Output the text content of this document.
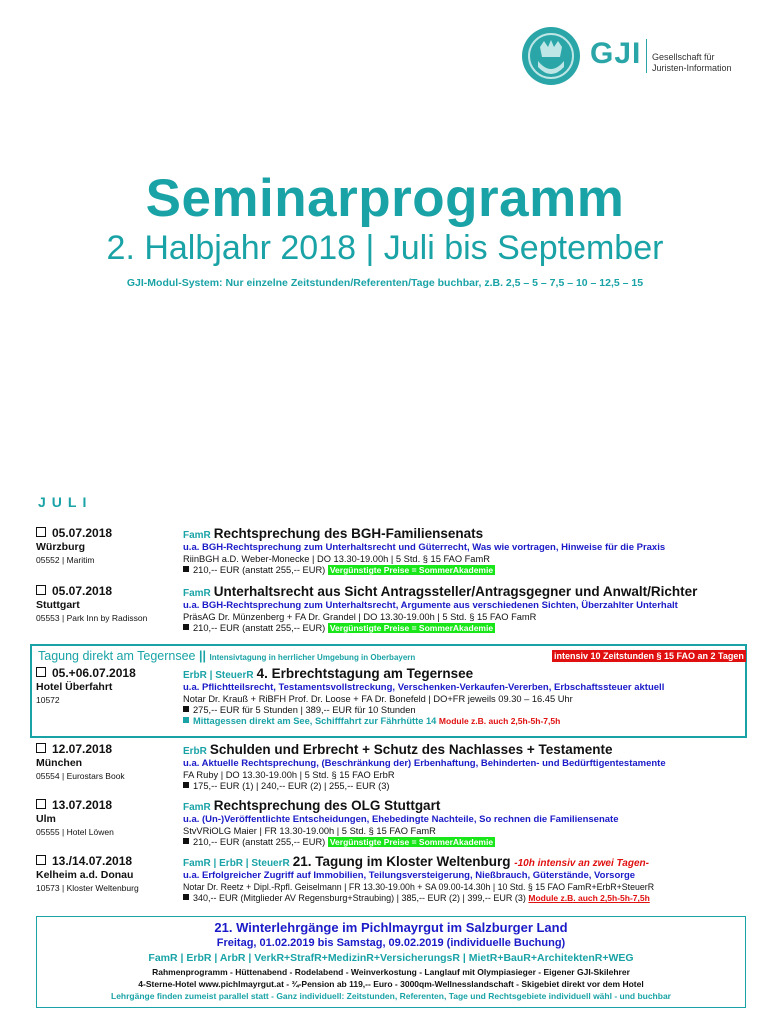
GJI Gesellschaft für
Juristen-Information
Seminarprogramm
2. Halbjahr 2018 | Juli bis September
GJI-Modul-System: Nur einzelne Zeitstunden/Referenten/Tage buchbar, z.B. 2,5 – 5 – 7,5 – 10 – 12,5 – 15
JULI
05.07.2018
Würzburg
05552 | Maritim
FamR Rechtsprechung des BGH-Familiensenats
u.a. BGH-Rechtsprechung zum Unterhaltsrecht und Güterrecht, Was wie vortragen, Hinweise für die Praxis
RiinBGH a.D. Weber-Monecke | DO 13.30-19.00h | 5 Std. § 15 FAO FamR
210,-- EUR (anstatt 255,-- EUR) Vergünstigte Preise = SommerAkademie
05.07.2018
Stuttgart
05553 | Park Inn by Radisson
FamR Unterhaltsrecht aus Sicht Antragssteller/Antragsgegner und Anwalt/Richter
u.a. BGH-Rechtsprechung zum Unterhaltsrecht, Argumente aus verschiedenen Sichten, Überzahlter Unterhalt
PräsAG Dr. Münzenberg + FA Dr. Grandel | DO 13.30-19.00h | 5 Std. § 15 FAO FamR
210,-- EUR (anstatt 255,-- EUR) Vergünstigte Preise = SommerAkademie
Tagung direkt am Tegernsee || Intensivtagung in herrlicher Umgebung in Oberbayern	intensiv 10 Zeitstunden § 15 FAO an 2 Tagen
05.+06.07.2018
Hotel Überfahrt
10572
ErbR | SteuerR 4. Erbrechtstagung am Tegernsee
u.a. Pflichtteilsrecht, Testamentsvollstreckung, Verschenken-Verkaufen-Vererben, Erbschaftssteuer aktuell
Notar Dr. Krauß + RiBFH Prof. Dr. Loose + FA Dr. Bonefeld | DO+FR jeweils 09.30 – 16.45 Uhr
275,-- EUR für 5 Stunden | 389,-- EUR für 10 Stunden
Mittagessen direkt am See, Schifffahrt zur Fährhütte 14 Module z.B. auch 2,5h-5h-7,5h
12.07.2018
München
05554 | Eurostars Book
ErbR Schulden und Erbrecht + Schutz des Nachlasses + Testamente
u.a. Aktuelle Rechtsprechung, (Beschränkung der) Erbenhaftung, Behinderten- und Bedürftigentestamente
FA Ruby | DO 13.30-19.00h | 5 Std. § 15 FAO ErbR
175,-- EUR (1) | 240,-- EUR (2) | 255,-- EUR (3)
13.07.2018
Ulm
05555 | Hotel Löwen
FamR Rechtsprechung des OLG Stuttgart
u.a. (Un-)Veröffentlichte Entscheidungen, Ehebedingte Nachteile, So rechnen die Familiensenate
StvVRiOLG Maier | FR 13.30-19.00h | 5 Std. § 15 FAO FamR
210,-- EUR (anstatt 255,-- EUR) Vergünstigte Preise = SommerAkademie
13./14.07.2018
Kelheim a.d. Donau
10573 | Kloster Weltenburg
FamR | ErbR | SteuerR 21. Tagung im Kloster Weltenburg -10h intensiv an zwei Tagen-
u.a. Erfolgreicher Zugriff auf Immobilien, Teilungsversteigerung, Nießbrauch, Güterstände, Vorsorge
Notar Dr. Reetz + Dipl.-Rpfl. Geiselmann | FR 13.30-19.00h + SA 09.00-14.30h | 10 Std. § 15 FAO FamR+ErbR+SteuerR
340,-- EUR (Mitglieder AV Regensburg+Straubing) | 385,-- EUR (2) | 399,-- EUR (3) Module z.B. auch 2,5h-5h-7,5h
21. Winterlehrgänge im Pichlmayrgut im Salzburger Land
Freitag, 01.02.2019 bis Samstag, 09.02.2019 (individuelle Buchung)
FamR | ErbR | ArbR | VerkR+StrafR+MedizinR+VersicherungsR | MietR+BauR+ArchitektenR+WEG
Rahmenprogramm - Hüttenabend - Rodelabend - Weinverkostung - Langlauf mit Olympiasieger - Eigener GJI-Skilehrer
4-Sterne-Hotel www.pichlmayrgut.at - ¾-Pension ab 119,-- Euro - 3000qm-Wellnesslandschaft - Skigebiet direkt vor dem Hotel
Lehrgänge finden zumeist parallel statt - Ganz individuell: Zeitstunden, Referenten, Tage und Rechtsgebiete individuell wähl - und buchbar
